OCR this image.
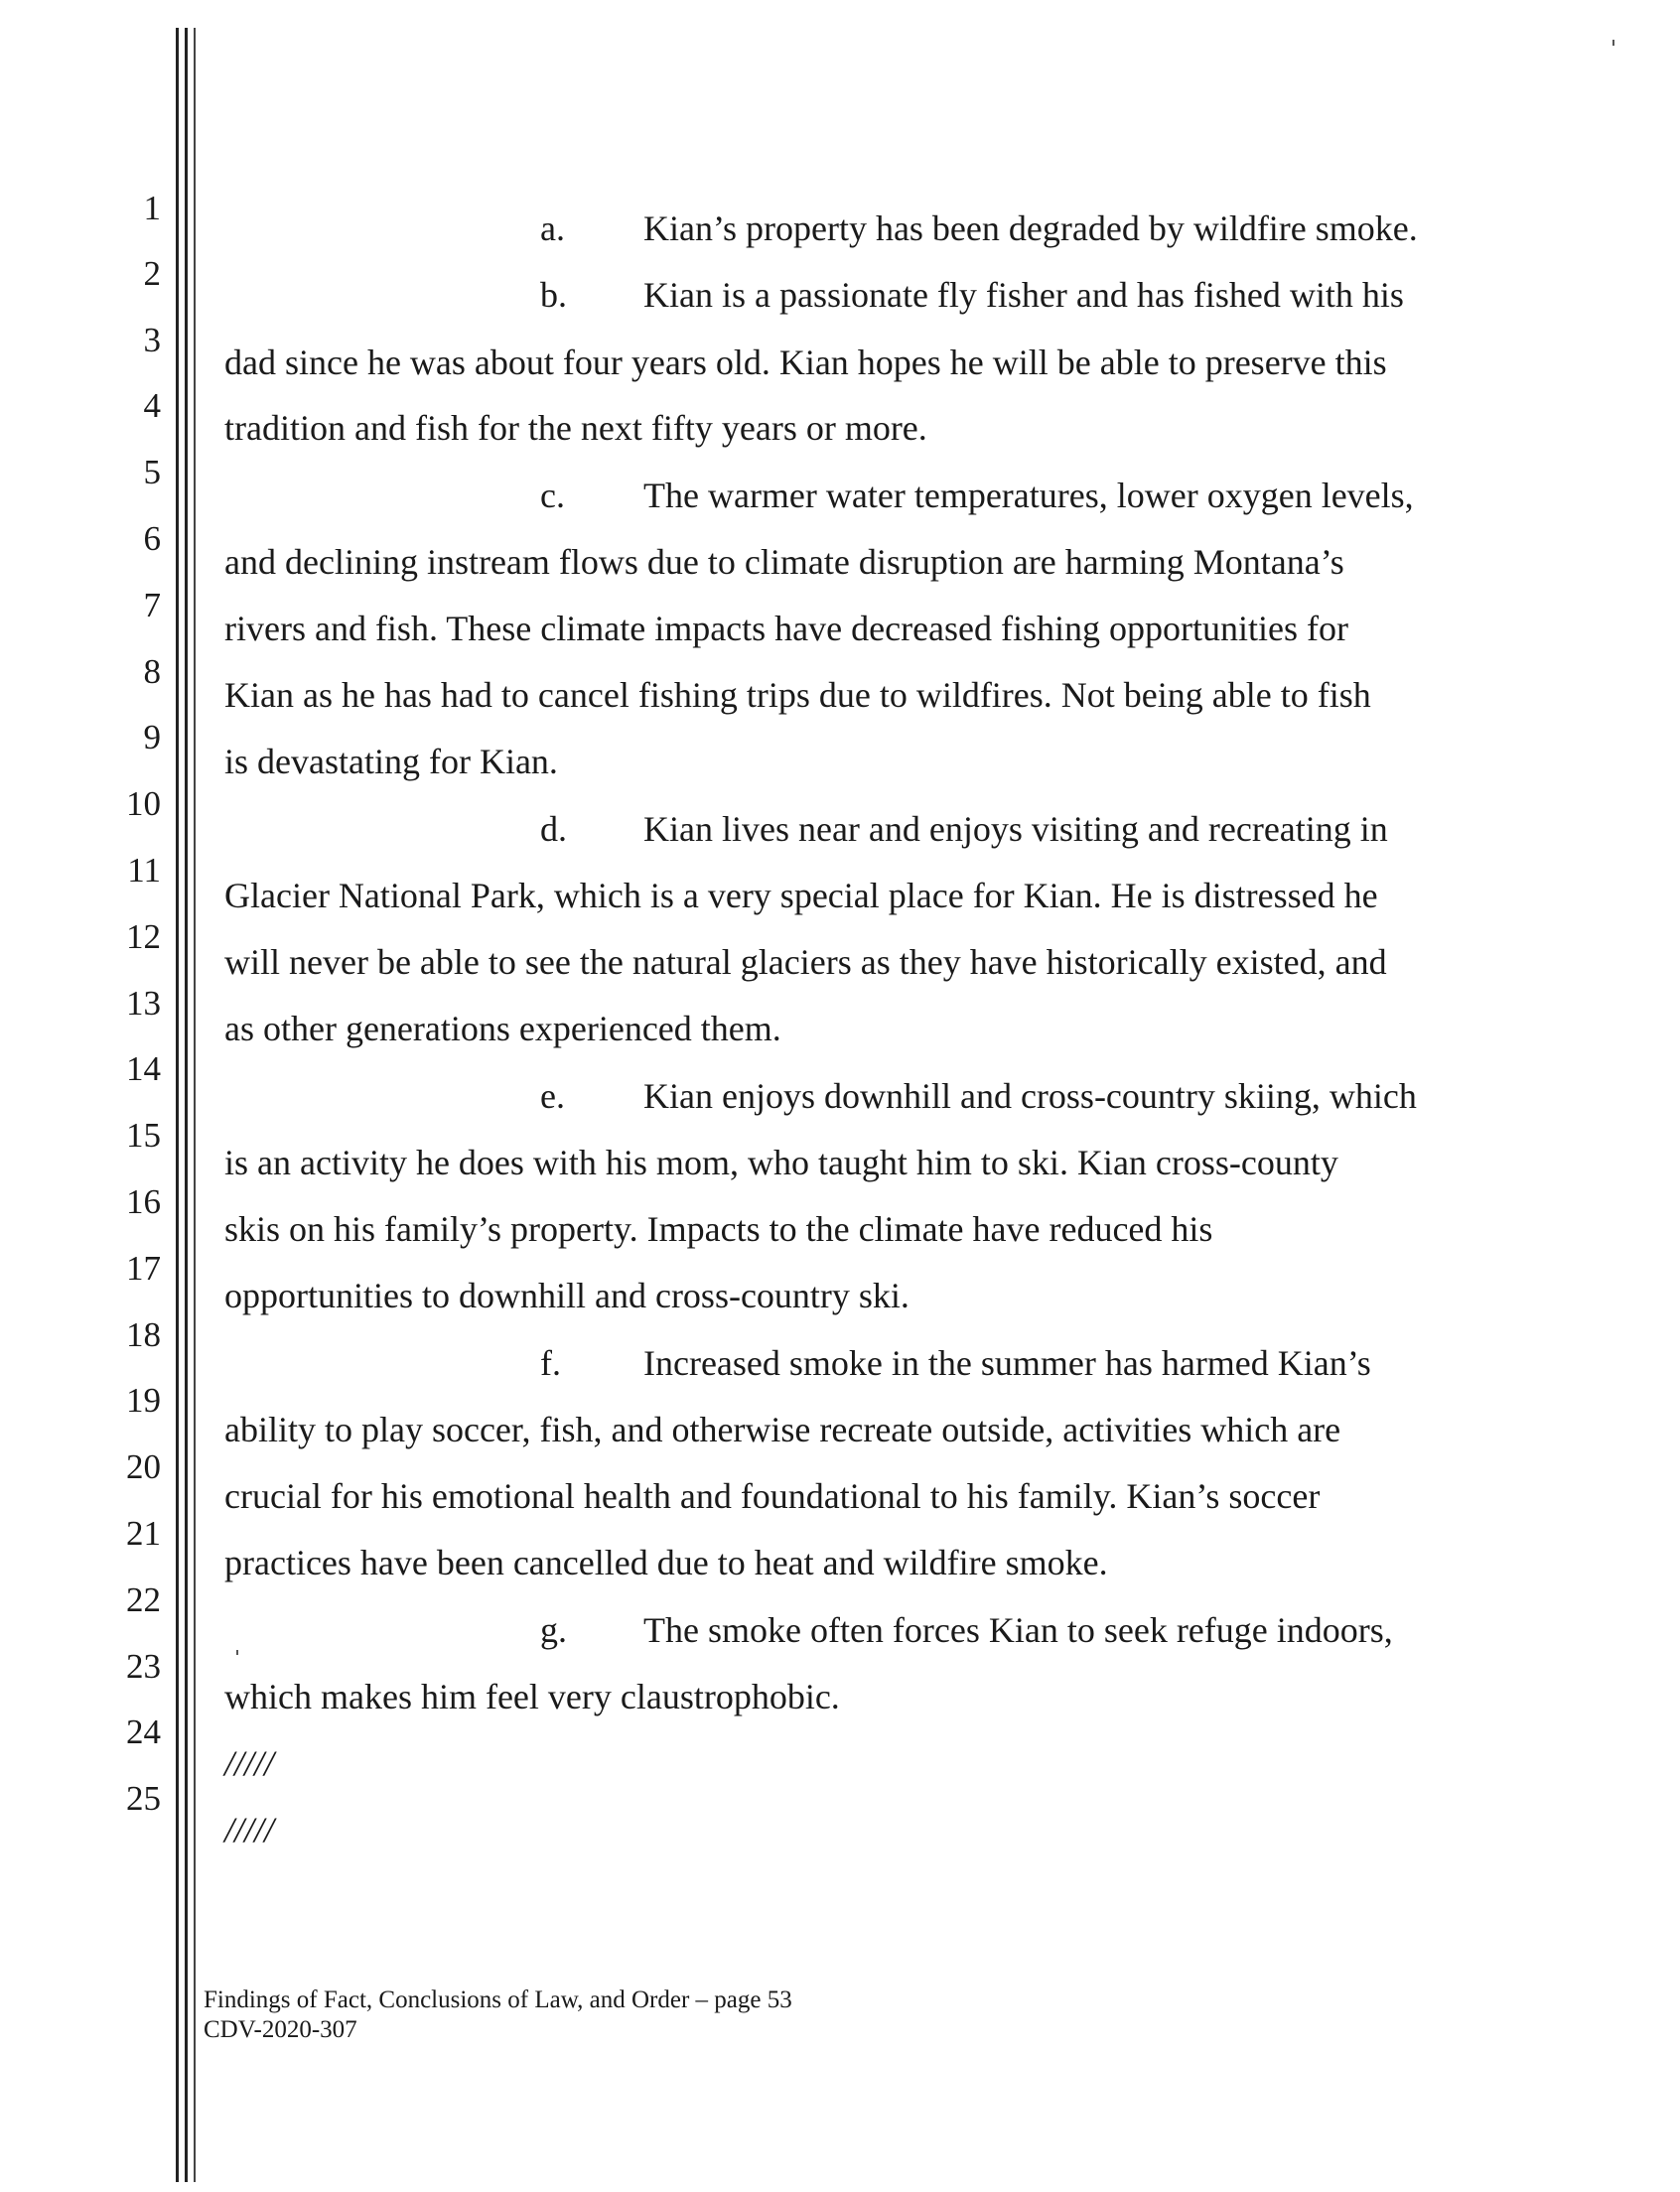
1
2
3
4
5
6
7
8
9
10
11
12
13
14
15
16
17
18
19
20
21
22
23
24
25
a. Kian’s property has been degraded by wildfire smoke.
b. Kian is a passionate fly fisher and has fished with his
dad since he was about four years old. Kian hopes he will be able to preserve this
tradition and fish for the next fifty years or more.
c. The warmer water temperatures, lower oxygen levels,
and declining instream flows due to climate disruption are harming Montana’s
rivers and fish. These climate impacts have decreased fishing opportunities for
Kian as he has had to cancel fishing trips due to wildfires. Not being able to fish
is devastating for Kian.
d. Kian lives near and enjoys visiting and recreating in
Glacier National Park, which is a very special place for Kian. He is distressed he
will never be able to see the natural glaciers as they have historically existed, and
as other generations experienced them.
e. Kian enjoys downhill and cross-country skiing, which
is an activity he does with his mom, who taught him to ski. Kian cross-county
skis on his family’s property. Impacts to the climate have reduced his
opportunities to downhill and cross-country ski.
f. Increased smoke in the summer has harmed Kian’s
ability to play soccer, fish, and otherwise recreate outside, activities which are
crucial for his emotional health and foundational to his family. Kian’s soccer
practices have been cancelled due to heat and wildfire smoke.
g. The smoke often forces Kian to seek refuge indoors,
which makes him feel very claustrophobic.
/////
/////
Findings of Fact, Conclusions of Law, and Order – page 53
CDV-2020-307
